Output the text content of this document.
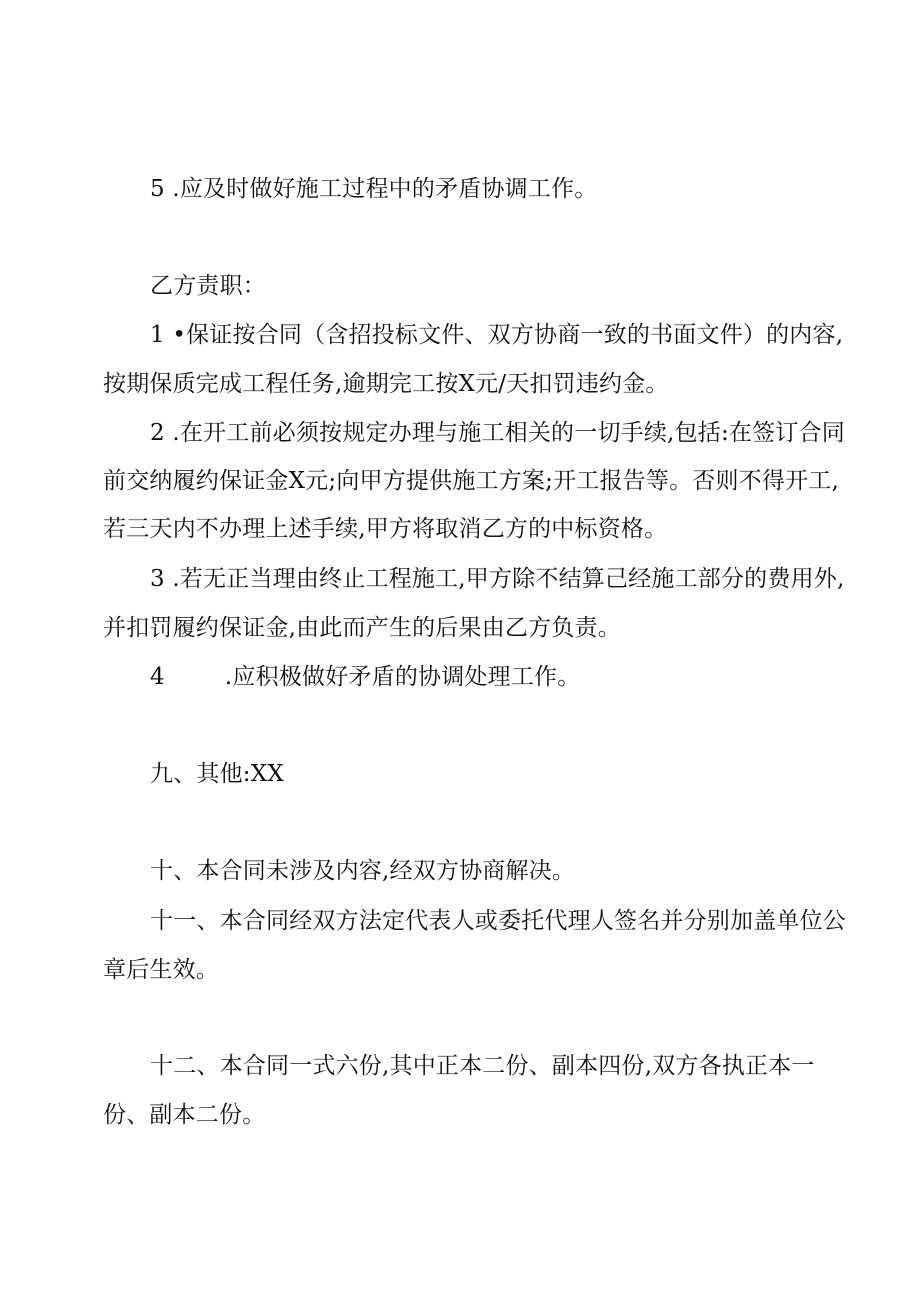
5 .应及时做好施工过程中的矛盾协调工作。
乙方责职：
1 •保证按合同（含招投标文件、双方协商一致的书面文件）的内容,
按期保质完成工程任务,逾期完工按X元/天扣罚违约金。
2 .在开工前必须按规定办理与施工相关的一切手续,包括:在签订合同
前交纳履约保证金X元;向甲方提供施工方案;开工报告等。否则不得开工,
若三天内不办理上述手续,甲方将取消乙方的中标资格。
3 .若无正当理由终止工程施工,甲方除不结算己经施工部分的费用外,
并扣罚履约保证金,由此而产生的后果由乙方负责。
4        .应积极做好矛盾的协调处理工作。
九、其他:XX
十、本合同未涉及内容,经双方协商解决。
十一、本合同经双方法定代表人或委托代理人签名并分别加盖单位公
章后生效。
十二、本合同一式六份,其中正本二份、副本四份,双方各执正本一
份、副本二份。
